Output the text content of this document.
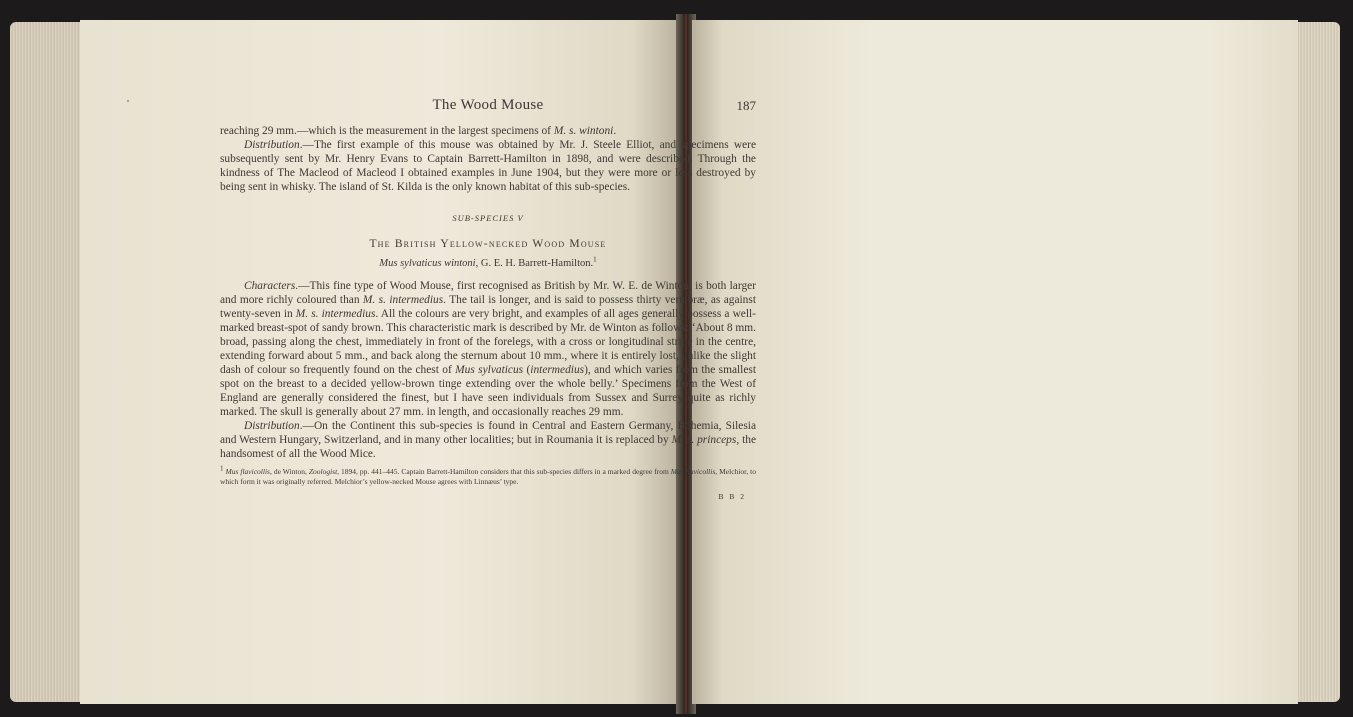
The Wood Mouse	187

reaching 29 mm.—which is the measurement in the largest specimens of M. s. wintoni.

Distribution.—The first example of this mouse was obtained by Mr. J. Steele Elliot, and specimens were subsequently sent by Mr. Henry Evans to Captain Barrett-Hamilton in 1898, and were described. Through the kindness of The Macleod of Macleod I obtained examples in June 1904, but they were more or less destroyed by being sent in whisky. The island of St. Kilda is the only known habitat of this sub-species.

SUB-SPECIES V
The British Yellow-necked Wood Mouse
Mus sylvaticus wintoni, G. E. H. Barrett-Hamilton.$^1$

Characters.—This fine type of Wood Mouse, first recognised as British by Mr. W. E. de Winton, is both larger and more richly coloured than M. s. intermedius. The tail is longer, and is said to possess thirty vertebræ, as against twenty-seven in M. s. intermedius. All the colours are very bright, and examples of all ages generally possess a well-marked breast-spot of sandy brown. This characteristic mark is described by Mr. de Winton as follows: ‘About 8 mm. broad, passing along the chest, immediately in front of the forelegs, with a cross or longitudinal stripe in the centre, extending forward about 5 mm., and back along the sternum about 10 mm., where it is entirely lost, unlike the slight dash of colour so frequently found on the chest of Mus sylvaticus (intermedius), and which varies from the smallest spot on the breast to a decided yellow-brown tinge extending over the whole belly.’ Specimens from the West of England are generally considered the finest, but I have seen individuals from Sussex and Surrey quite as richly marked. The skull is generally about 27 mm. in length, and occasionally reaches 29 mm.

Distribution.—On the Continent this sub-species is found in Central and Eastern Germany, Bohemia, Silesia and Western Hungary, Switzerland, and in many other localities; but in Roumania it is replaced by M. s. princeps, the handsomest of all the Wood Mice.

$^1$ Mus flavicollis, de Winton, Zoologist, 1894, pp. 441–445. Captain Barrett-Hamilton considers that this sub-species differs in a marked degree from Mus flavicollis, Melchior, to which form it was originally referred. Melchior’s yellow-necked Mouse agrees with Linnæus’ type.

B B 2
